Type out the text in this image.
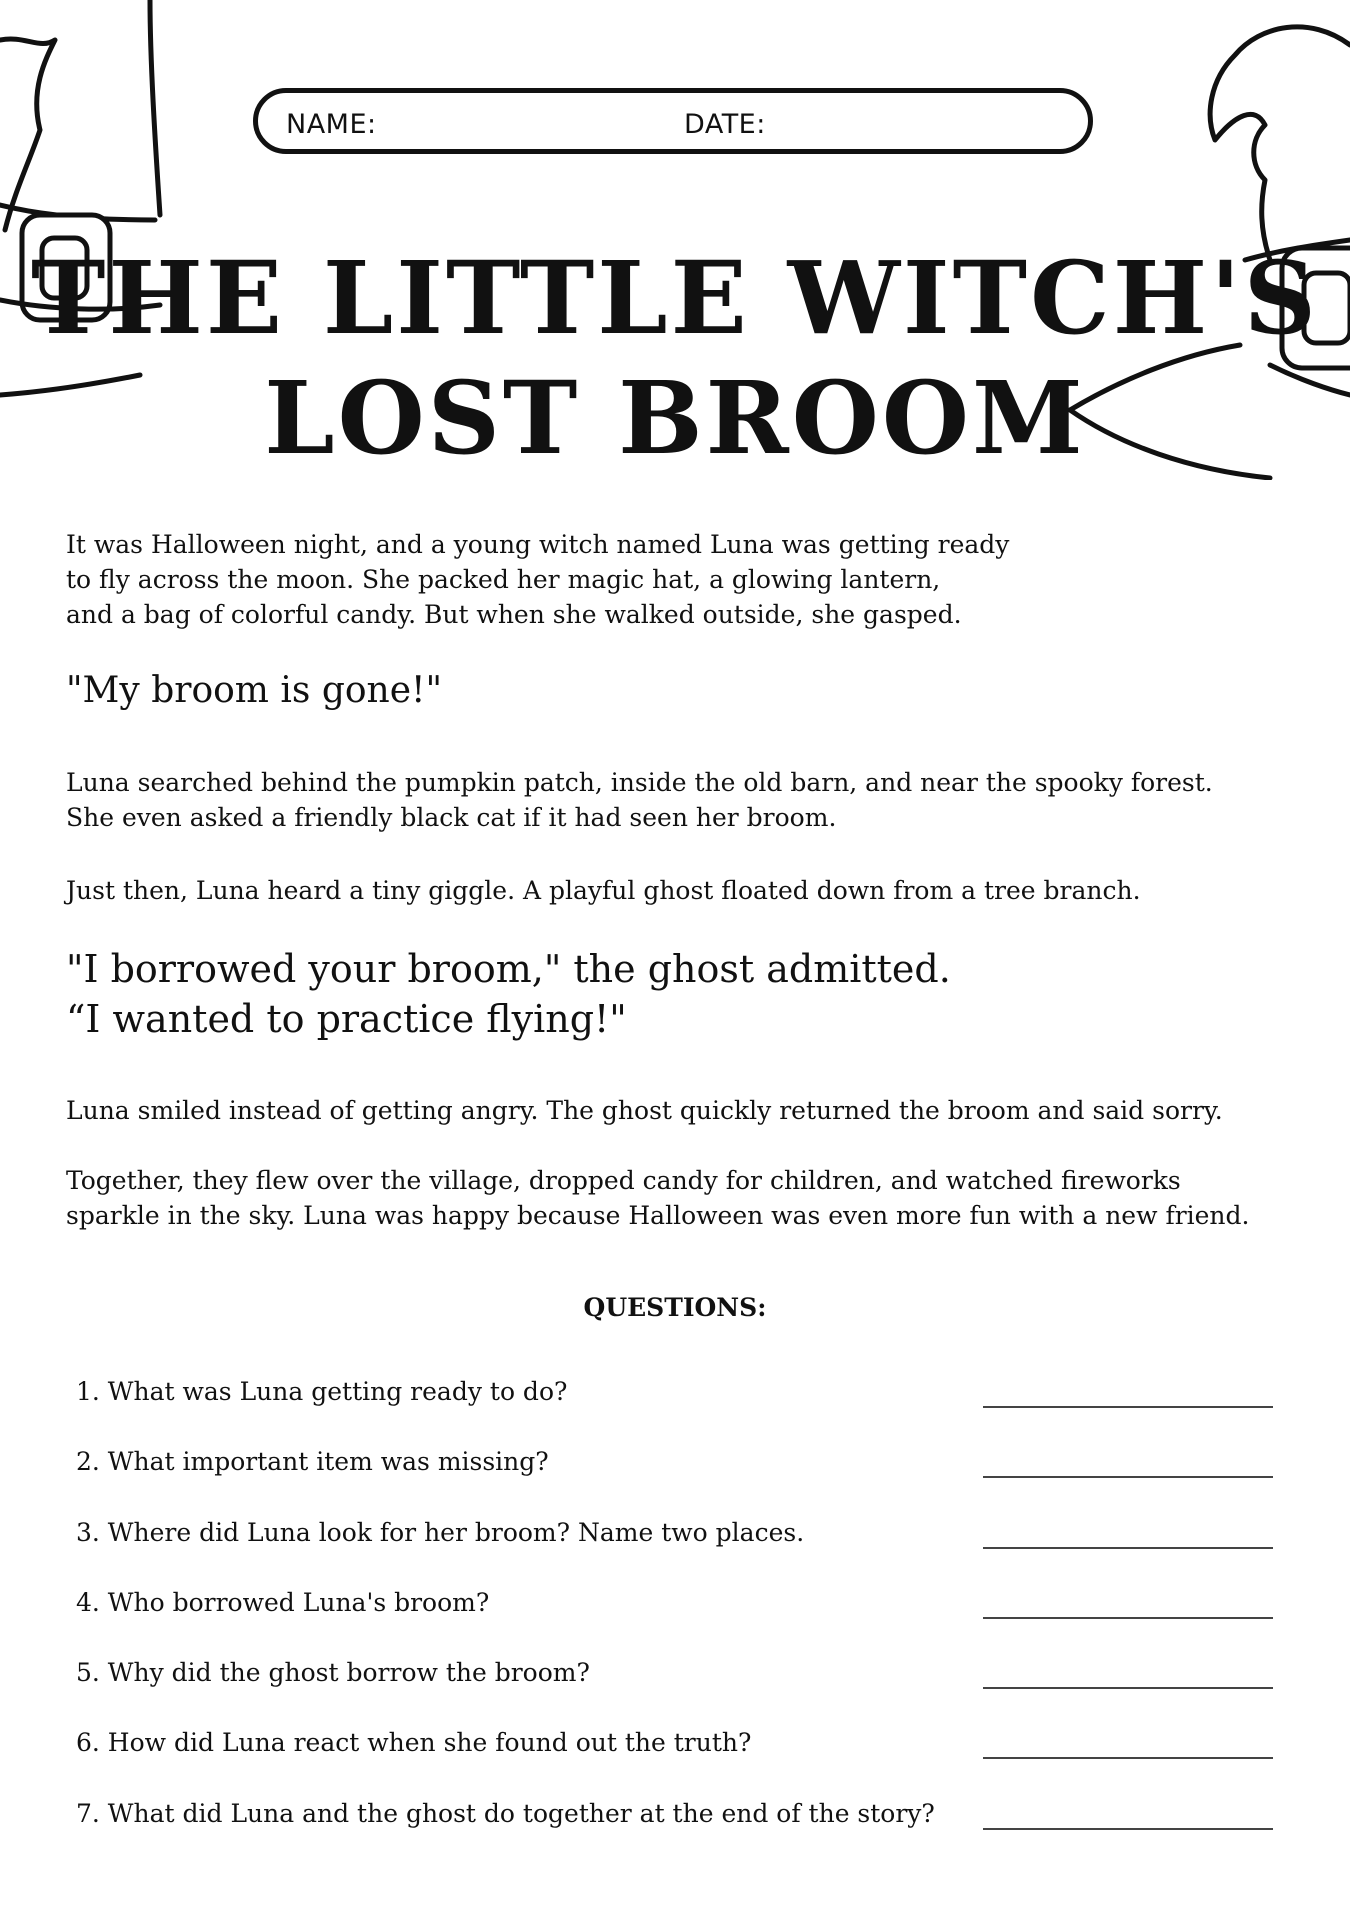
NAME:	DATE:
THE LITTLE WITCH'S LOST BROOM

It was Halloween night, and a young witch named Luna was getting ready
to fly across the moon. She packed her magic hat, a glowing lantern,
and a bag of colorful candy. But when she walked outside, she gasped.

"My broom is gone!"

Luna searched behind the pumpkin patch, inside the old barn, and near the spooky forest.
She even asked a friendly black cat if it had seen her broom.

Just then, Luna heard a tiny giggle. A playful ghost floated down from a tree branch.

"I borrowed your broom," the ghost admitted.
“I wanted to practice flying!"

Luna smiled instead of getting angry. The ghost quickly returned the broom and said sorry.

Together, they flew over the village, dropped candy for children, and watched fireworks
sparkle in the sky. Luna was happy because Halloween was even more fun with a new friend.

QUESTIONS:
1. What was Luna getting ready to do?
2. What important item was missing?
3. Where did Luna look for her broom? Name two places.
4. Who borrowed Luna's broom?
5. Why did the ghost borrow the broom?
6. How did Luna react when she found out the truth?
7. What did Luna and the ghost do together at the end of the story?
